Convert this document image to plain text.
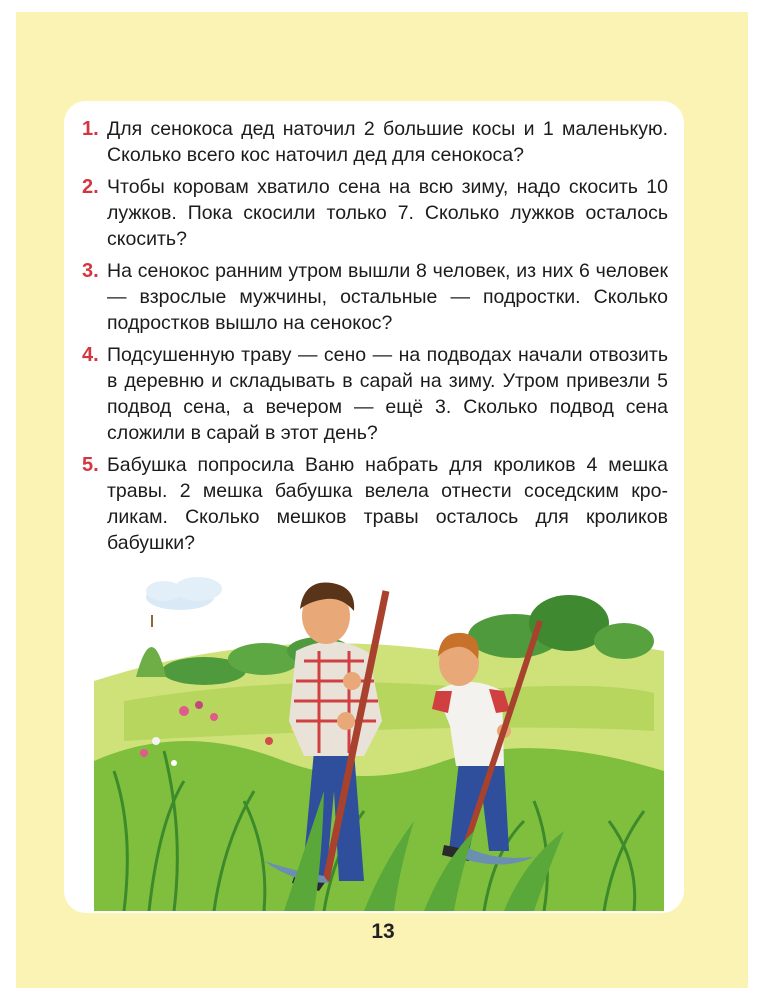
1. Для сенокоса дед наточил 2 большие косы и 1 маленькую. Сколько всего кос наточил дед для сенокоса?
2. Чтобы коровам хватило сена на всю зиму, надо скосить 10 лужков. Пока скосили только 7. Сколько лужков осталось скосить?
3. На сенокос ранним утром вышли 8 человек, из них 6 человек — взрослые мужчины, остальные — подростки. Сколько подростков вышло на сенокос?
4. Подсушенную траву — сено — на подводах начали отвозить в деревню и складывать в сарай на зиму. Утром привезли 5 подвод сена, а вечером — ещё 3. Сколько подвод сена сложили в сарай в этот день?
5. Бабушка попросила Ваню набрать для кроликов 4 мешка травы. 2 мешка бабушка велела отнести соседским кроликам. Сколько мешков травы осталось для кроликов бабушки?
13
